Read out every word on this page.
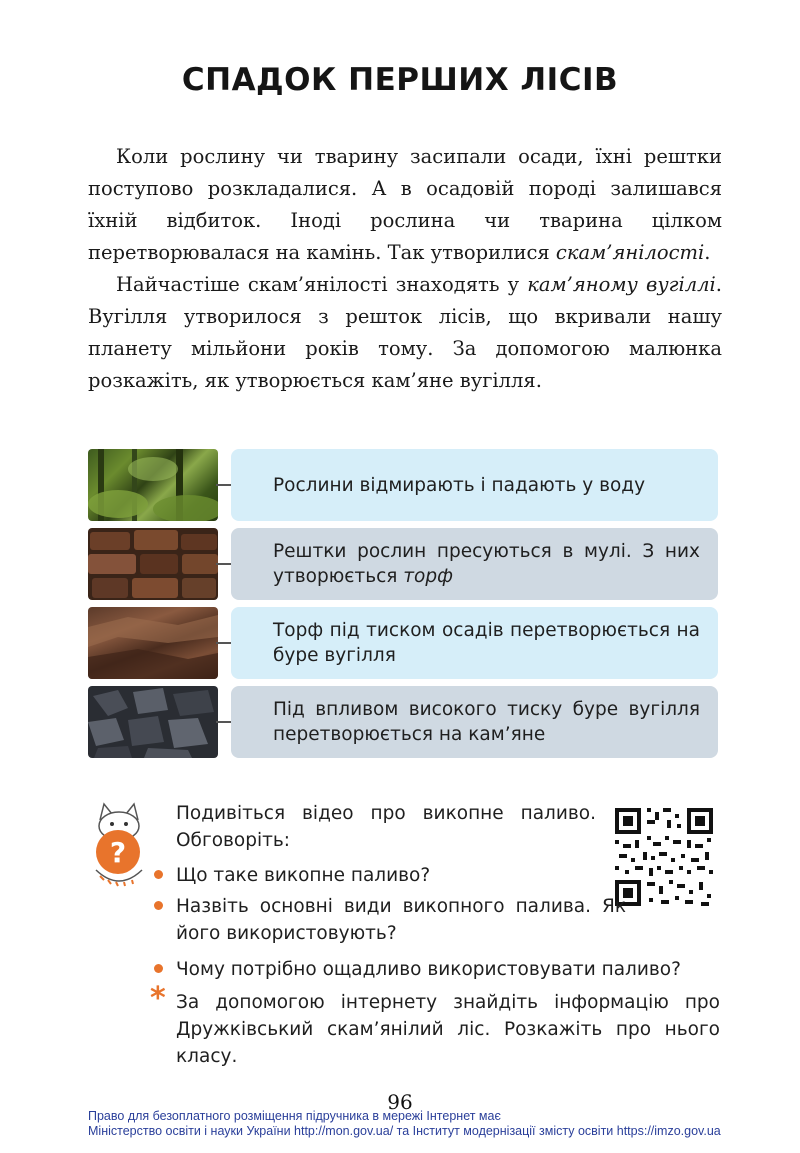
СПАДОК ПЕРШИХ ЛІСІВ

Коли рослину чи тварину засипали осади, їхні рештки поступово розкладалися. А в осадовій породі залишався їхній відбиток. Іноді рослина чи тварина цілком перетворювалася на камінь. Так утворилися скам’янілості.

Найчастіше скам’янілості знаходять у кам’яному вугіллі. Вугілля утворилося з решток лісів, що вкривали нашу планету мільйони років тому. За допомогою малюнка розкажіть, як утворюється кам’яне вугілля.

Рослини відмирають і падають у воду
Рештки рослин пресуються в мулі. З них утворюється торф
Торф під тиском осадів перетворюється на буре вугілля
Під впливом високого тиску буре вугілля перетворюється на кам’яне
?
Подивіться відео про викопне паливо. Обговоріть:
Що таке викопне паливо?
Назвіть основні види викопного палива. Як його використовують?
Чому потрібно ощадливо використовувати паливо?
* За допомогою інтернету знайдіть інформацію про Дружківський скам’янілий ліс. Розкажіть про нього класу.
96
Право для безоплатного розміщення підручника в мережі Інтернет має
Міністерство освіти і науки України http://mon.gov.ua/ та Інститут модернізації змісту освіти https://imzo.gov.ua
